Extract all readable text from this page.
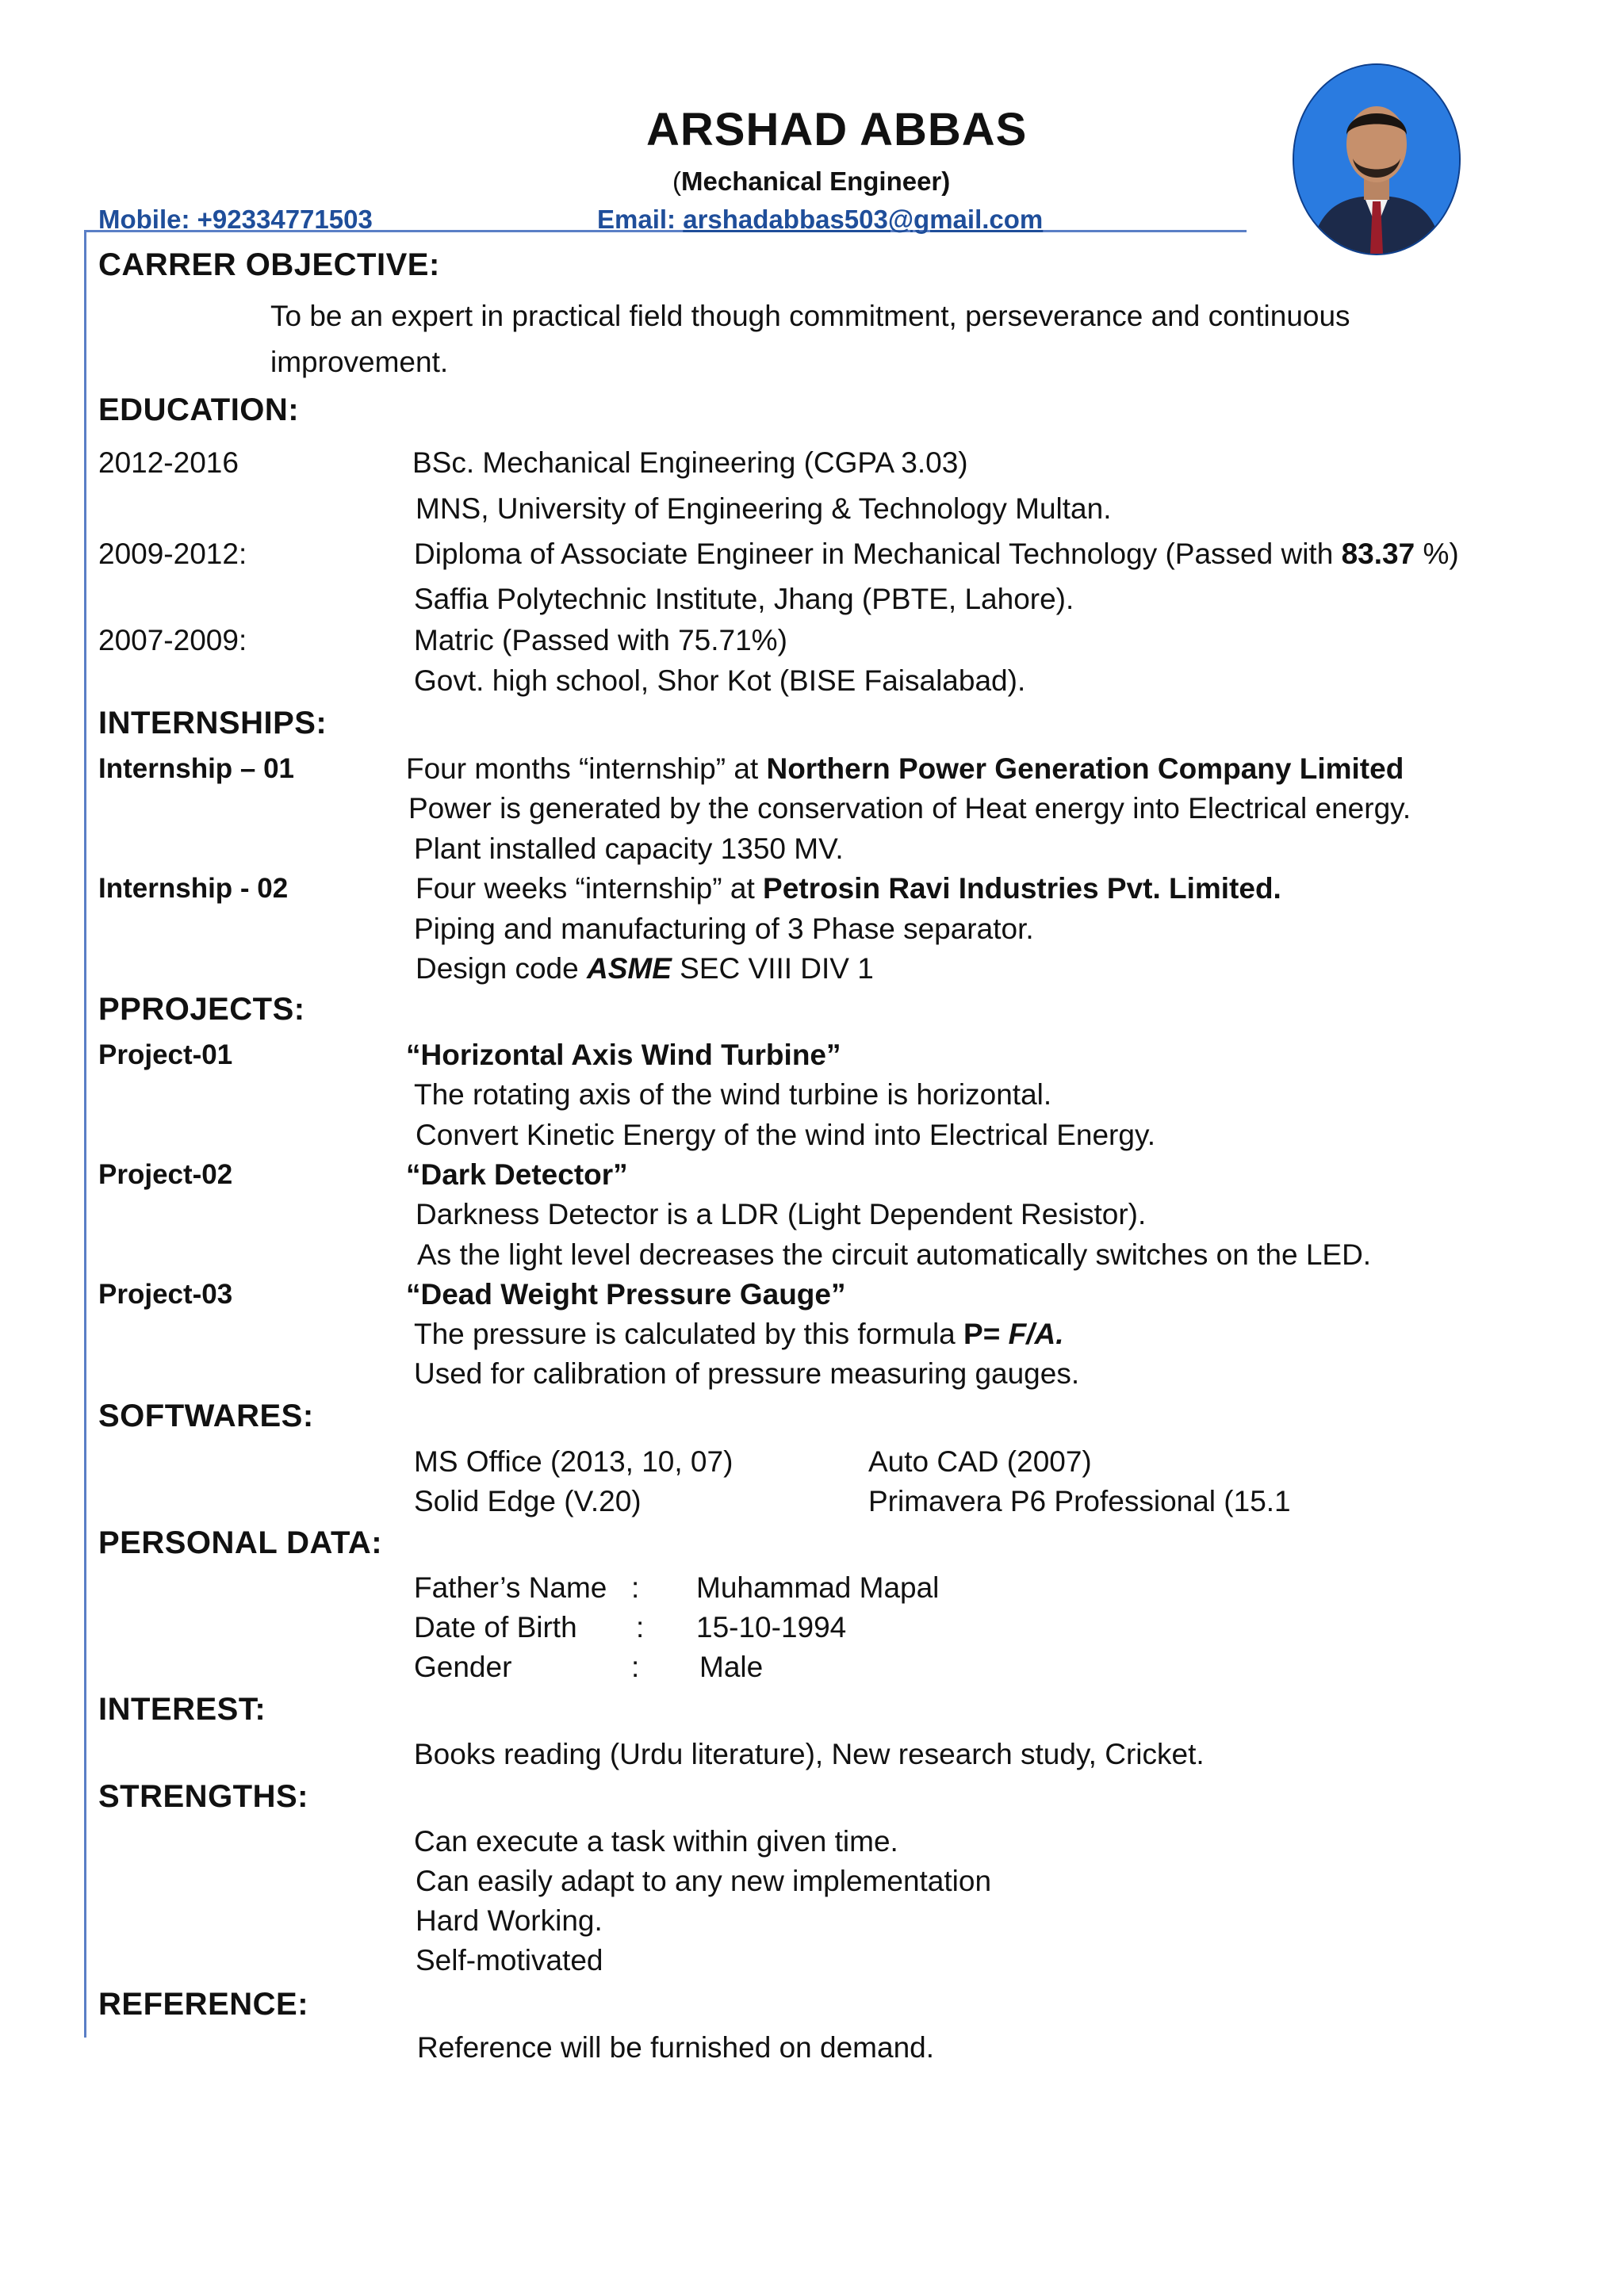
ARSHAD ABBAS
(Mechanical Engineer)
Mobile: +92334771503	Email: arshadabbas503@gmail.com
CARRER OBJECTIVE:
To be an expert in practical field though commitment, perseverance and continuous
improvement.
EDUCATION:
2012-2016	BSc. Mechanical Engineering (CGPA 3.03)
MNS, University of Engineering & Technology Multan.
2009-2012:	Diploma of Associate Engineer in Mechanical Technology (Passed with 83.37 %)
Saffia Polytechnic Institute, Jhang (PBTE, Lahore).
2007-2009:	Matric (Passed with 75.71%)
Govt. high school, Shor Kot (BISE Faisalabad).
INTERNSHIPS:
Internship – 01	Four months “internship” at Northern Power Generation Company Limited
Power is generated by the conservation of Heat energy into Electrical energy.
Plant installed capacity 1350 MV.
Internship - 02	Four weeks “internship” at Petrosin Ravi Industries Pvt. Limited.
Piping and manufacturing of 3 Phase separator.
Design code ASME SEC VIII DIV 1
PPROJECTS:
Project-01	“Horizontal Axis Wind Turbine”
The rotating axis of the wind turbine is horizontal.
Convert Kinetic Energy of the wind into Electrical Energy.
Project-02	“Dark Detector”
Darkness Detector is a LDR (Light Dependent Resistor).
As the light level decreases the circuit automatically switches on the LED.
Project-03	“Dead Weight Pressure Gauge”
The pressure is calculated by this formula P= F/A.
Used for calibration of pressure measuring gauges.
SOFTWARES:
MS Office (2013, 10, 07)	Auto CAD (2007)
Solid Edge (V.20)	Primavera P6 Professional (15.1
PERSONAL DATA:
Father’s Name : Muhammad Mapal
Date of Birth : 15-10-1994
Gender	: Male
INTEREST:
Books reading (Urdu literature), New research study, Cricket.
STRENGTHS:
Can execute a task within given time.
Can easily adapt to any new implementation
Hard Working.
Self-motivated
REFERENCE:
Reference will be furnished on demand.
